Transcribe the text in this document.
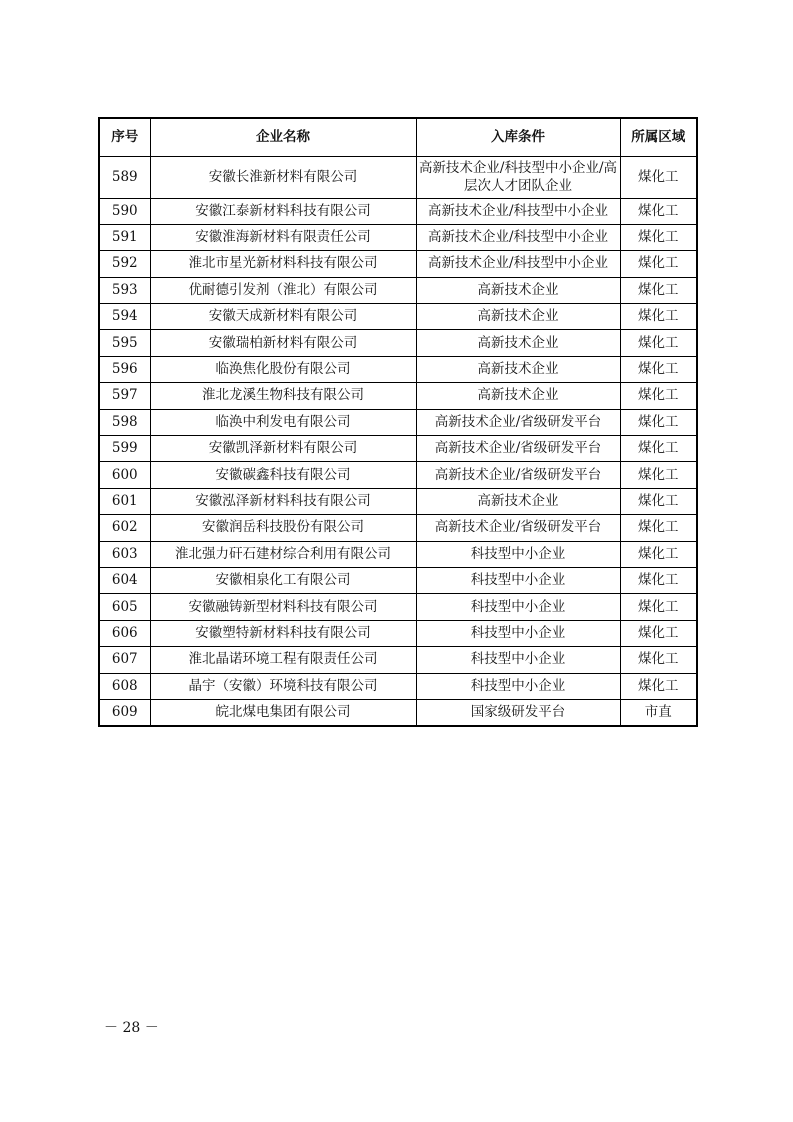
序号	企业名称	入库条件	所属区域
589	安徽长淮新材料有限公司	高新技术企业/科技型中小企业/高层次人才团队企业	煤化工
590	安徽江泰新材料科技有限公司	高新技术企业/科技型中小企业	煤化工
591	安徽淮海新材料有限责任公司	高新技术企业/科技型中小企业	煤化工
592	淮北市星光新材料科技有限公司	高新技术企业/科技型中小企业	煤化工
593	优耐德引发剂（淮北）有限公司	高新技术企业	煤化工
594	安徽天成新材料有限公司	高新技术企业	煤化工
595	安徽瑞柏新材料有限公司	高新技术企业	煤化工
596	临涣焦化股份有限公司	高新技术企业	煤化工
597	淮北龙溪生物科技有限公司	高新技术企业	煤化工
598	临涣中利发电有限公司	高新技术企业/省级研发平台	煤化工
599	安徽凯泽新材料有限公司	高新技术企业/省级研发平台	煤化工
600	安徽碳鑫科技有限公司	高新技术企业/省级研发平台	煤化工
601	安徽泓泽新材料科技有限公司	高新技术企业	煤化工
602	安徽润岳科技股份有限公司	高新技术企业/省级研发平台	煤化工
603	淮北强力矸石建材综合利用有限公司	科技型中小企业	煤化工
604	安徽相泉化工有限公司	科技型中小企业	煤化工
605	安徽融铸新型材料科技有限公司	科技型中小企业	煤化工
606	安徽塑特新材料科技有限公司	科技型中小企业	煤化工
607	淮北晶诺环境工程有限责任公司	科技型中小企业	煤化工
608	晶宇（安徽）环境科技有限公司	科技型中小企业	煤化工
609	皖北煤电集团有限公司	国家级研发平台	市直
－ 28 －
